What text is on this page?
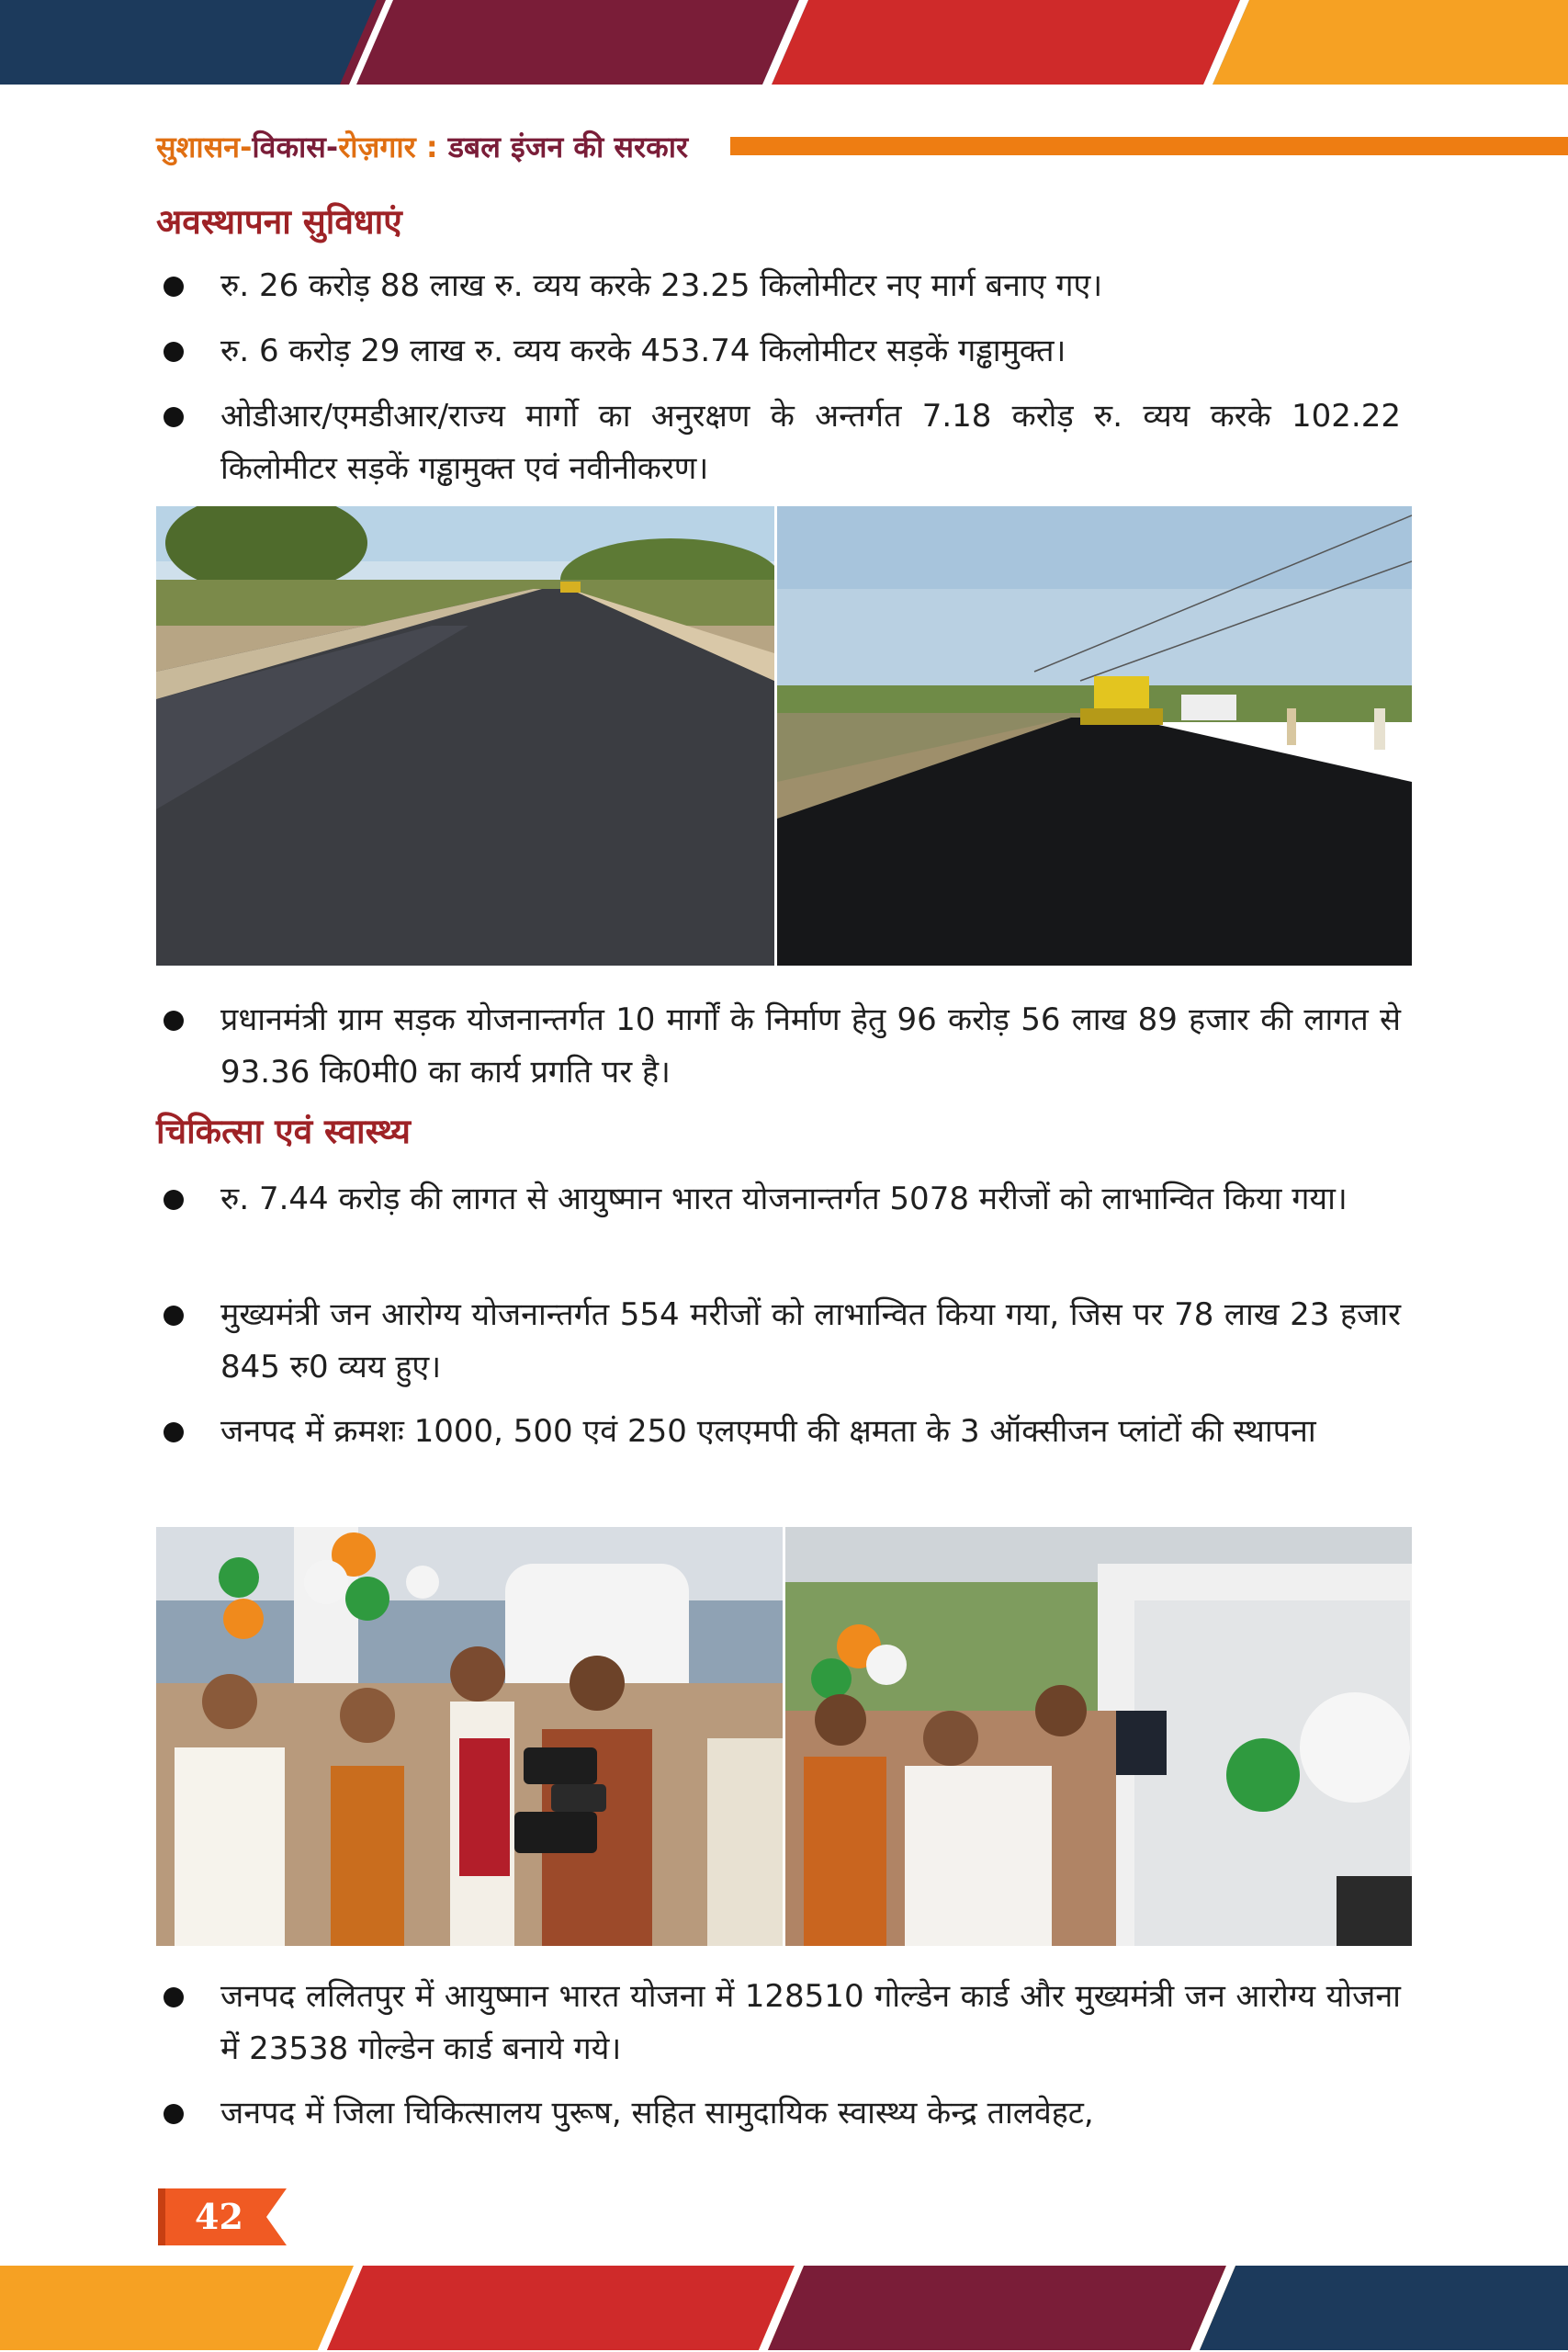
सुशासन-विकास-रोज़गार : डबल इंजन की सरकार
अवस्थापना सुविधाएं
रु. 26 करोड़ 88 लाख रु. व्यय करके 23.25 किलोमीटर नए मार्ग बनाए गए।
रु. 6 करोड़ 29 लाख रु. व्यय करके 453.74 किलोमीटर सड़कें गड्ढामुक्त।
ओडीआर/एमडीआर/राज्य मार्गो का अनुरक्षण के अन्तर्गत 7.18 करोड़ रु. व्यय करके 102.22 किलोमीटर सड़कें गड्ढामुक्त एवं नवीनीकरण।
प्रधानमंत्री ग्राम सड़क योजनान्तर्गत 10 मार्गों के निर्माण हेतु 96 करोड़ 56 लाख 89 हजार की लागत से 93.36 कि0मी0 का कार्य प्रगति पर है।
चिकित्सा एवं स्वास्थ्य
रु. 7.44 करोड़ की लागत से आयुष्मान भारत योजनान्तर्गत 5078 मरीजों को लाभान्वित किया गया।
मुख्यमंत्री जन आरोग्य योजनान्तर्गत 554 मरीजों को लाभान्वित किया गया, जिस पर 78 लाख 23 हजार 845 रु0 व्यय हुए।
जनपद में क्रमशः 1000, 500 एवं 250 एलएमपी की क्षमता के 3 ऑक्सीजन प्लांटों की स्थापना
जनपद ललितपुर में आयुष्मान भारत योजना में 128510 गोल्डेन कार्ड और मुख्यमंत्री जन आरोग्य योजना में 23538 गोल्डेन कार्ड बनाये गये।
जनपद में जिला चिकित्सालय पुरूष, सहित सामुदायिक स्वास्थ्य केन्द्र तालवेहट,
42
